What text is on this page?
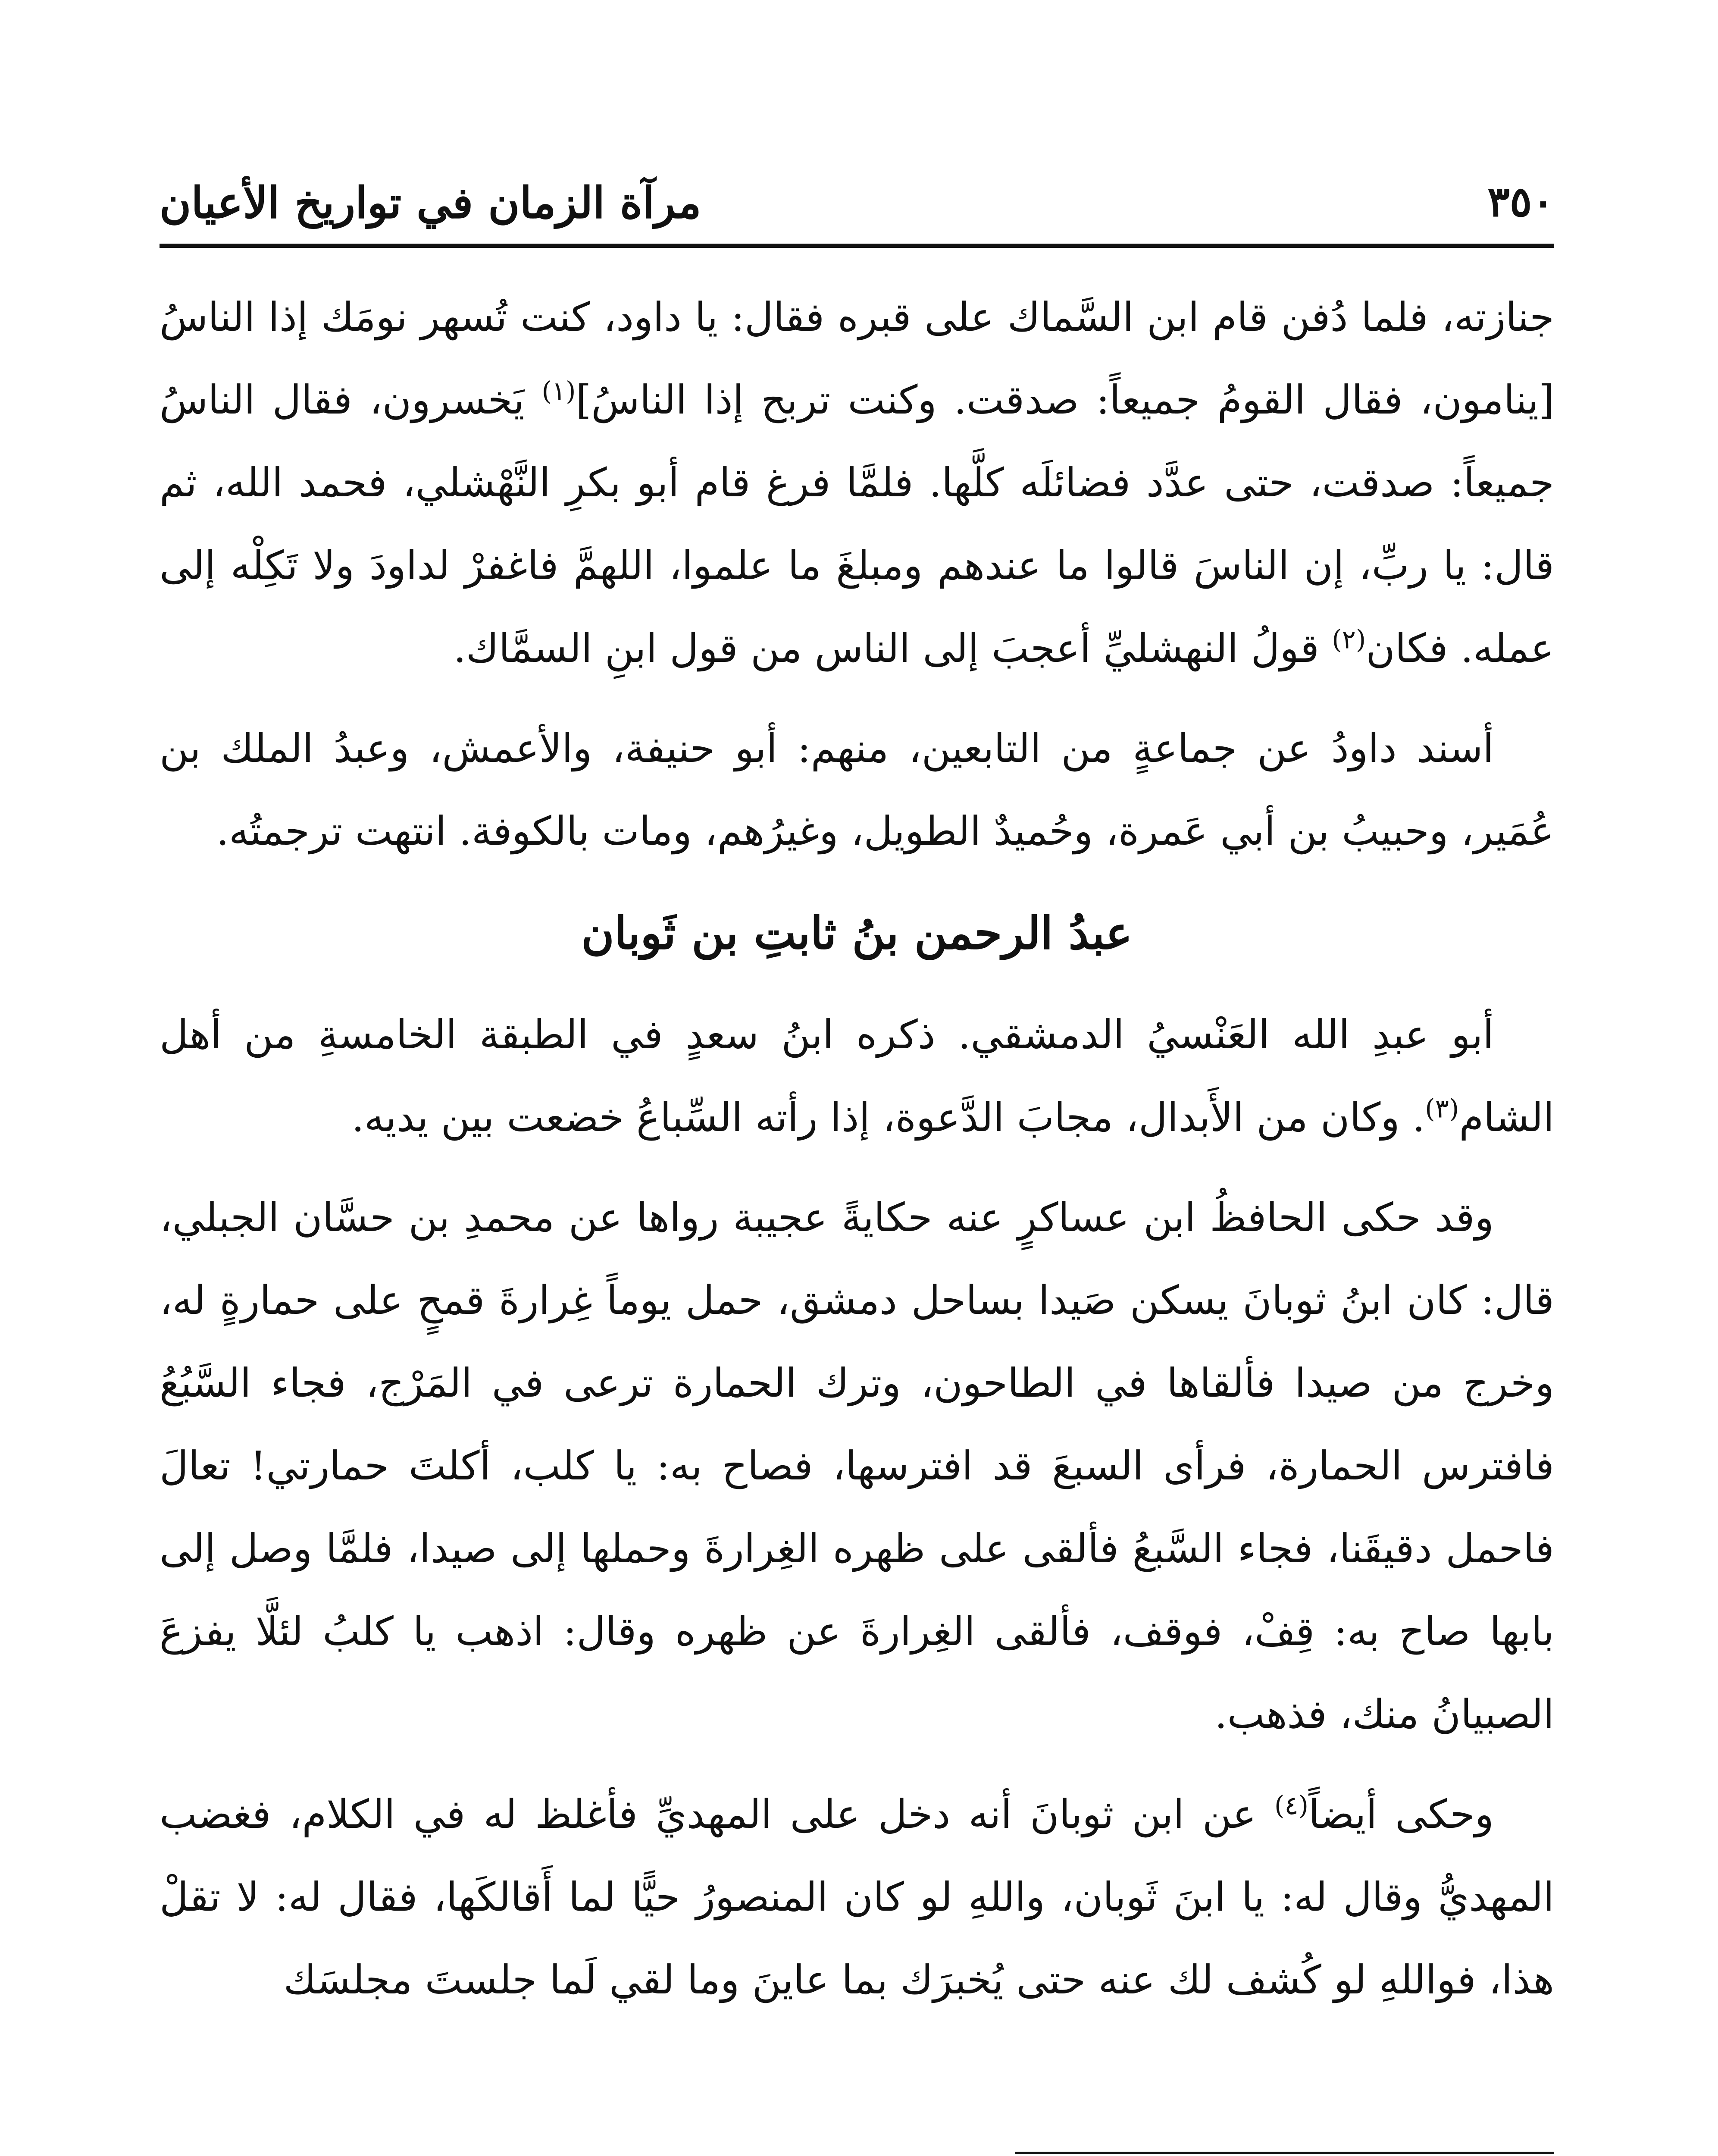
٣٥٠
مرآة الزمان في تواريخ الأعيان

جنازته، فلما دُفن قام ابن السَّماك على قبره فقال: يا داود، كنت تُسهر نومَك إذا الناسُ [ينامون، فقال القومُ جميعاً: صدقت. وكنت تربح إذا الناسُ]$^{(١)}$ يَخسرون، فقال الناسُ جميعاً: صدقت، حتى عدَّد فضائلَه كلَّها. فلمَّا فرغ قام أبو بكرِ النَّهْشلي، فحمد الله، ثم قال: يا ربِّ، إن الناسَ قالوا ما عندهم ومبلغَ ما علموا، اللهمَّ فاغفرْ لداودَ ولا تَكِلْه إلى عمله. فكان$^{(٢)}$ قولُ النهشليِّ أعجبَ إلى الناس من قول ابنِ السمَّاك.

أسند داودُ عن جماعةٍ من التابعين، منهم: أبو حنيفة، والأعمش، وعبدُ الملك بن عُمَير، وحبيبُ بن أبي عَمرة، وحُميدٌ الطويل، وغيرُهم، ومات بالكوفة. انتهت ترجمتُه.

عبدُ الرحمن بنُ ثابتِ بن ثَوبان

أبو عبدِ الله العَنْسيُ الدمشقي. ذكره ابنُ سعدٍ في الطبقة الخامسةِ من أهل الشام$^{(٣)}$. وكان من الأَبدال، مجابَ الدَّعوة، إذا رأته السِّباعُ خضعت بين يديه.

وقد حكى الحافظُ ابن عساكرٍ عنه حكايةً عجيبة رواها عن محمدِ بن حسَّان الجبلي، قال: كان ابنُ ثوبانَ يسكن صَيدا بساحل دمشق، حمل يوماً غِرارةَ قمحٍ على حمارةٍ له، وخرج من صيدا فألقاها في الطاحون، وترك الحمارة ترعى في المَرْج، فجاء السَّبُعُ فافترس الحمارة، فرأى السبعَ قد افترسها، فصاح به: يا كلب، أكلتَ حمارتي! تعالَ فاحمل دقيقَنا، فجاء السَّبعُ فألقى على ظهره الغِرارةَ وحملها إلى صيدا، فلمَّا وصل إلى بابها صاح به: قِفْ، فوقف، فألقى الغِرارةَ عن ظهره وقال: اذهب يا كلبُ لئلَّا يفزعَ الصبيانُ منك، فذهب.

وحكى أيضاً$^{(٤)}$ عن ابن ثوبانَ أنه دخل على المهديِّ فأغلظ له في الكلام، فغضب المهديُّ وقال له: يا ابنَ ثَوبان، واللهِ لو كان المنصورُ حيًّا لما أَقالكَها، فقال له: لا تقلْ هذا، فواللهِ لو كُشف لك عنه حتى يُخبرَك بما عاينَ وما لقي لَما جلستَ مجلسَك
